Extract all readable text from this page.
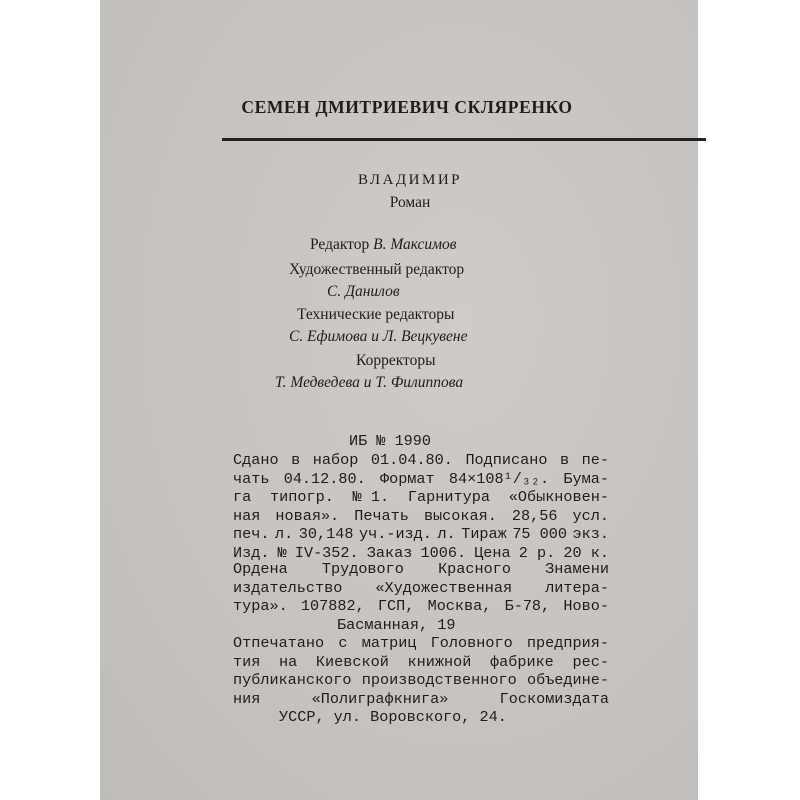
СЕМЕН ДМИТРИЕВИЧ СКЛЯРЕНКО
ВЛАДИМИР
Роман
Редактор В. Максимов
Художественный редактор
С. Данилов
Технические редакторы
С. Ефимова и Л. Вецкувене
Корректоры
Т. Медведева и Т. Филиппова
ИБ № 1990
Сдано в набор 01.04.80. Подписано в пе-
чать 04.12.80. Формат 84×108¹/₃₂. Бума-
га типогр. № 1. Гарнитура «Обыкновен-
ная новая». Печать высокая. 28,56 усл.
печ. л. 30,148 уч.-изд. л. Тираж 75 000 экз.
Изд. № IV-352. Заказ 1006. Цена 2 р. 20 к.
Ордена Трудового Красного Знамени
издательство «Художественная литера-
тура». 107882, ГСП, Москва, Б-78, Ново-
Басманная, 19
Отпечатано с матриц Головного предприя-
тия на Киевской книжной фабрике рес-
публиканского производственного объедине-
ния	«Полиграфкнига»	Госкомиздата
УССР, ул. Воровского, 24.
